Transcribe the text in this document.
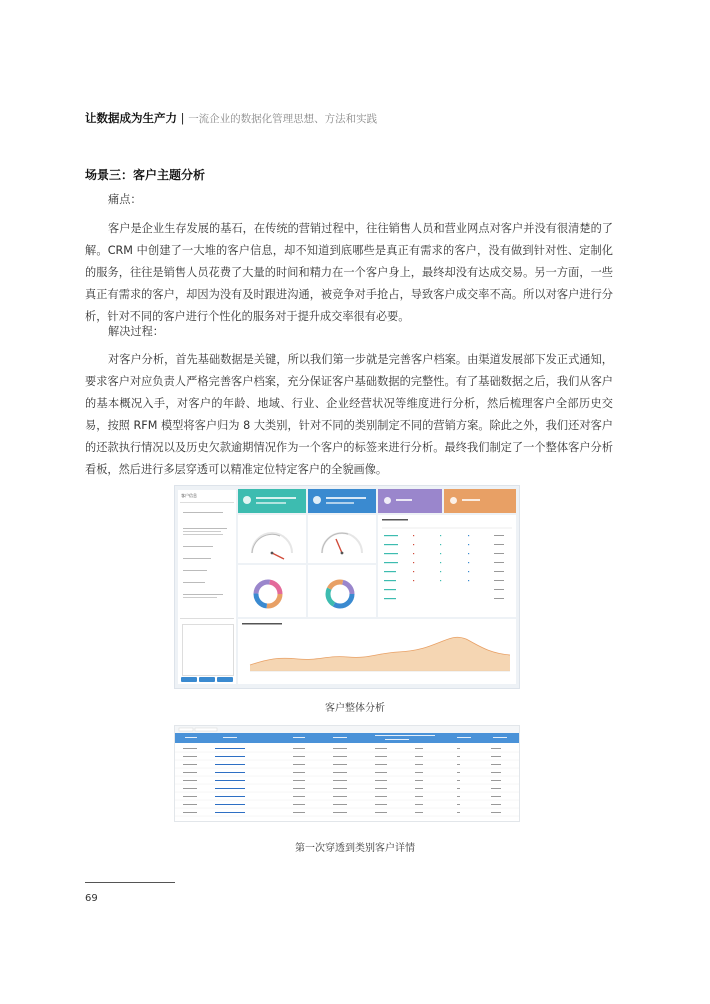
让数据成为生产力 | 一流企业的数据化管理思想、方法和实践
场景三：客户主题分析
痛点：
客户是企业生存发展的基石，在传统的营销过程中，往往销售人员和营业网点对客户并没有很清楚的了解。CRM 中创建了一大堆的客户信息，却不知道到底哪些是真正有需求的客户，没有做到针对性、定制化的服务，往往是销售人员花费了大量的时间和精力在一个客户身上，最终却没有达成交易。另一方面，一些真正有需求的客户，却因为没有及时跟进沟通，被竞争对手抢占，导致客户成交率不高。所以对客户进行分析，针对不同的客户进行个性化的服务对于提升成交率很有必要。
解决过程：
对客户分析，首先基础数据是关键，所以我们第一步就是完善客户档案。由渠道发展部下发正式通知，要求客户对应负责人严格完善客户档案，充分保证客户基础数据的完整性。有了基础数据之后，我们从客户的基本概况入手，对客户的年龄、地域、行业、企业经营状况等维度进行分析，然后梳理客户全部历史交易，按照 RFM 模型将客户归为 8 大类别，针对不同的类别制定不同的营销方案。除此之外，我们还对客户的还款执行情况以及历史欠款逾期情况作为一个客户的标签来进行分析。最终我们制定了一个整体客户分析看板，然后进行多层穿透可以精准定位特定客户的全貌画像。
客户信息
客户整体分析
第一次穿透到类别客户详情
69
